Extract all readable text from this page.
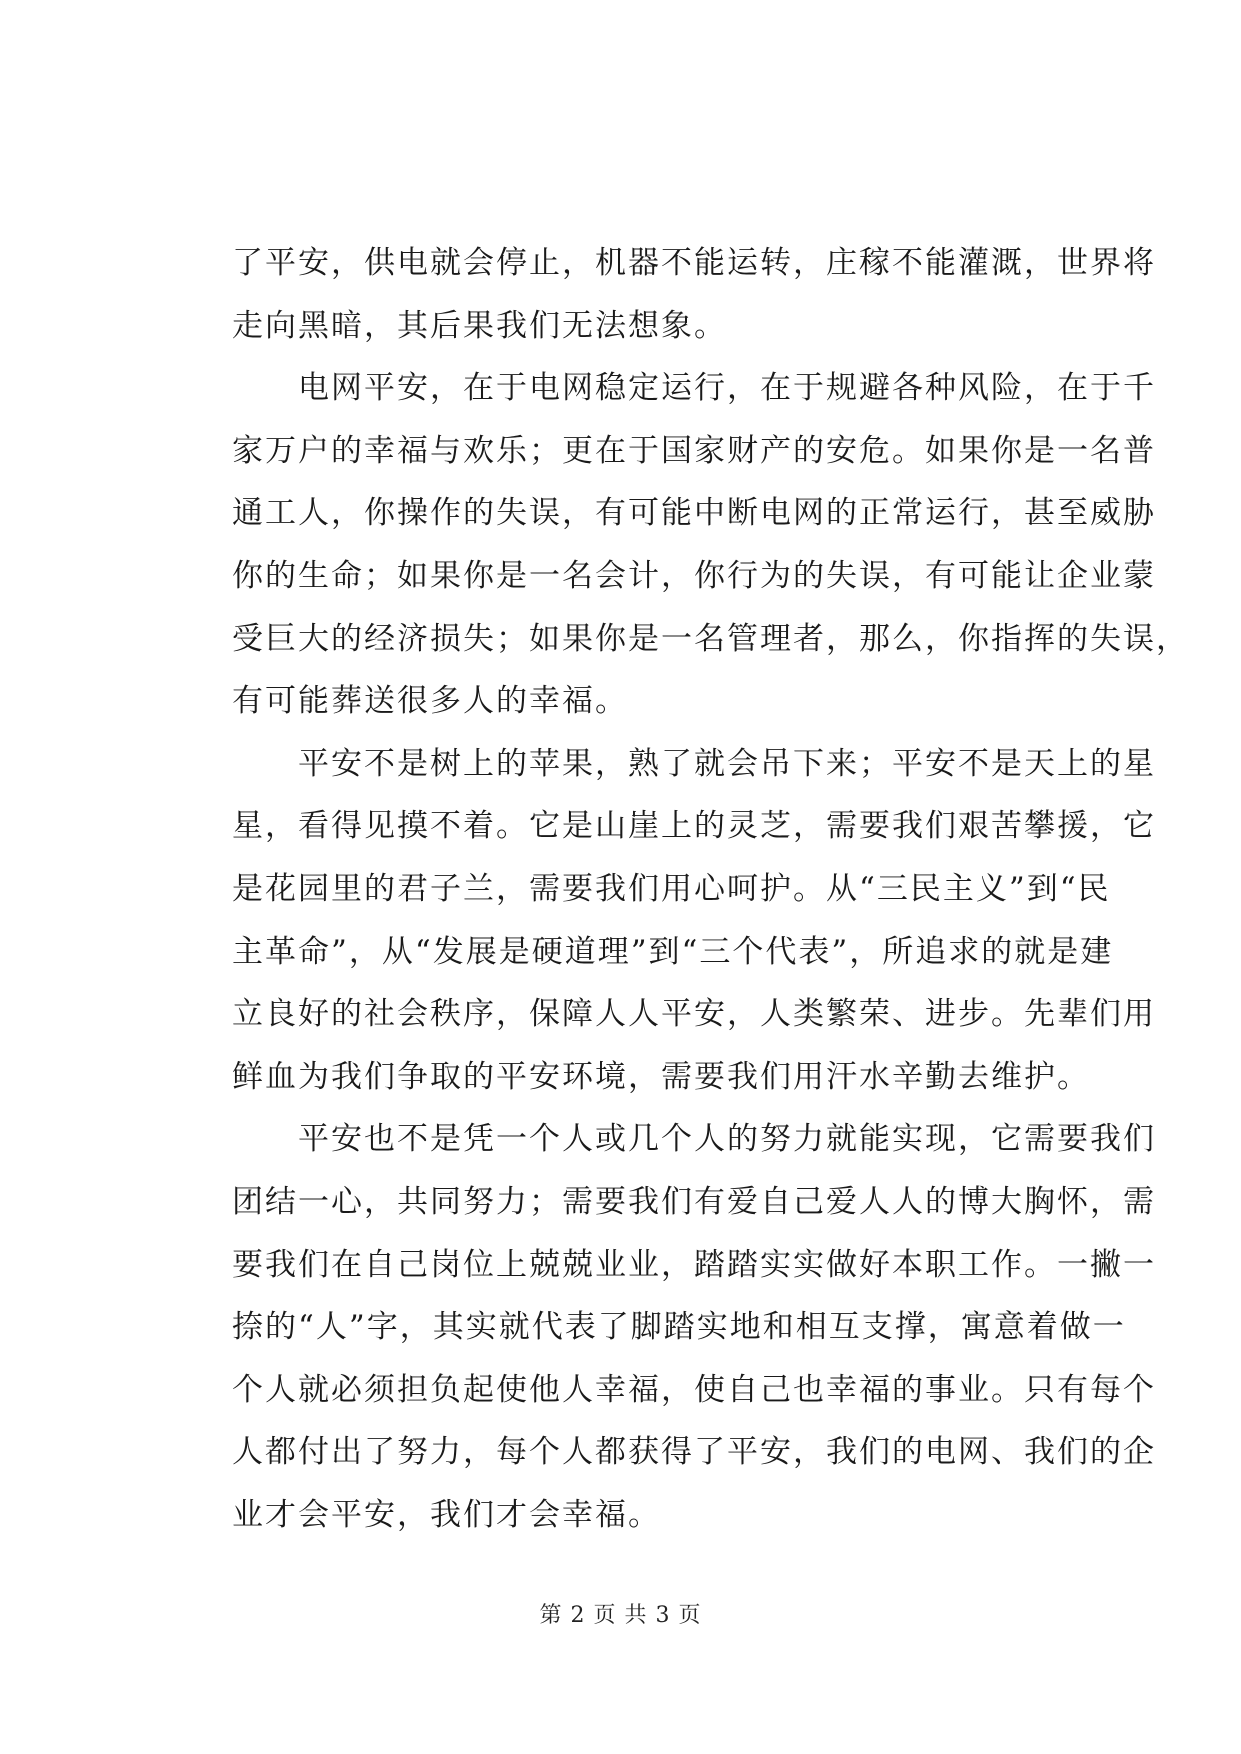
了平安，供电就会停止，机器不能运转，庄稼不能灌溉，世界将
走向黑暗，其后果我们无法想象。
　　电网平安，在于电网稳定运行，在于规避各种风险，在于千
家万户的幸福与欢乐；更在于国家财产的安危。如果你是一名普
通工人，你操作的失误，有可能中断电网的正常运行，甚至威胁
你的生命；如果你是一名会计，你行为的失误，有可能让企业蒙
受巨大的经济损失；如果你是一名管理者，那么，你指挥的失误，
有可能葬送很多人的幸福。
　　平安不是树上的苹果，熟了就会吊下来；平安不是天上的星
星，看得见摸不着。它是山崖上的灵芝，需要我们艰苦攀援，它
是花园里的君子兰，需要我们用心呵护。从“三民主义”到“民
主革命”，从“发展是硬道理”到“三个代表”，所追求的就是建
立良好的社会秩序，保障人人平安，人类繁荣、进步。先辈们用
鲜血为我们争取的平安环境，需要我们用汗水辛勤去维护。
　　平安也不是凭一个人或几个人的努力就能实现，它需要我们
团结一心，共同努力；需要我们有爱自己爱人人的博大胸怀，需
要我们在自己岗位上兢兢业业，踏踏实实做好本职工作。一撇一
捺的“人”字，其实就代表了脚踏实地和相互支撑，寓意着做一
个人就必须担负起使他人幸福，使自己也幸福的事业。只有每个
人都付出了努力，每个人都获得了平安，我们的电网、我们的企
业才会平安，我们才会幸福。
第 2 页 共 3 页
